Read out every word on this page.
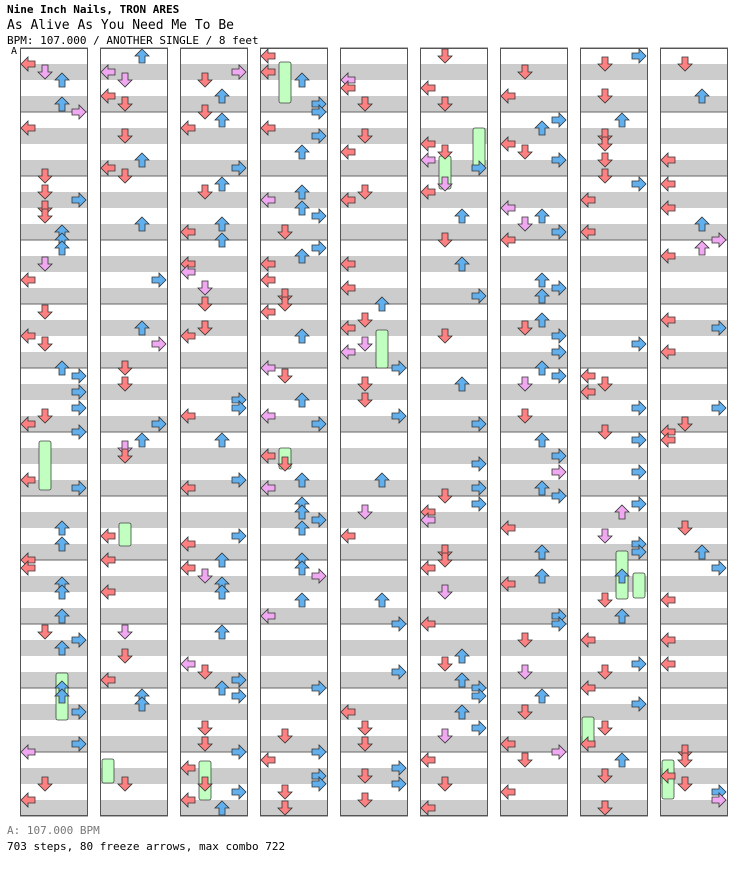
Nine Inch Nails, TRON ARES
As Alive As You Need Me To Be
BPM: 107.000 / ANOTHER SINGLE / 8 feet
A
A: 107.000 BPM
703 steps, 80 freeze arrows, max combo 722
